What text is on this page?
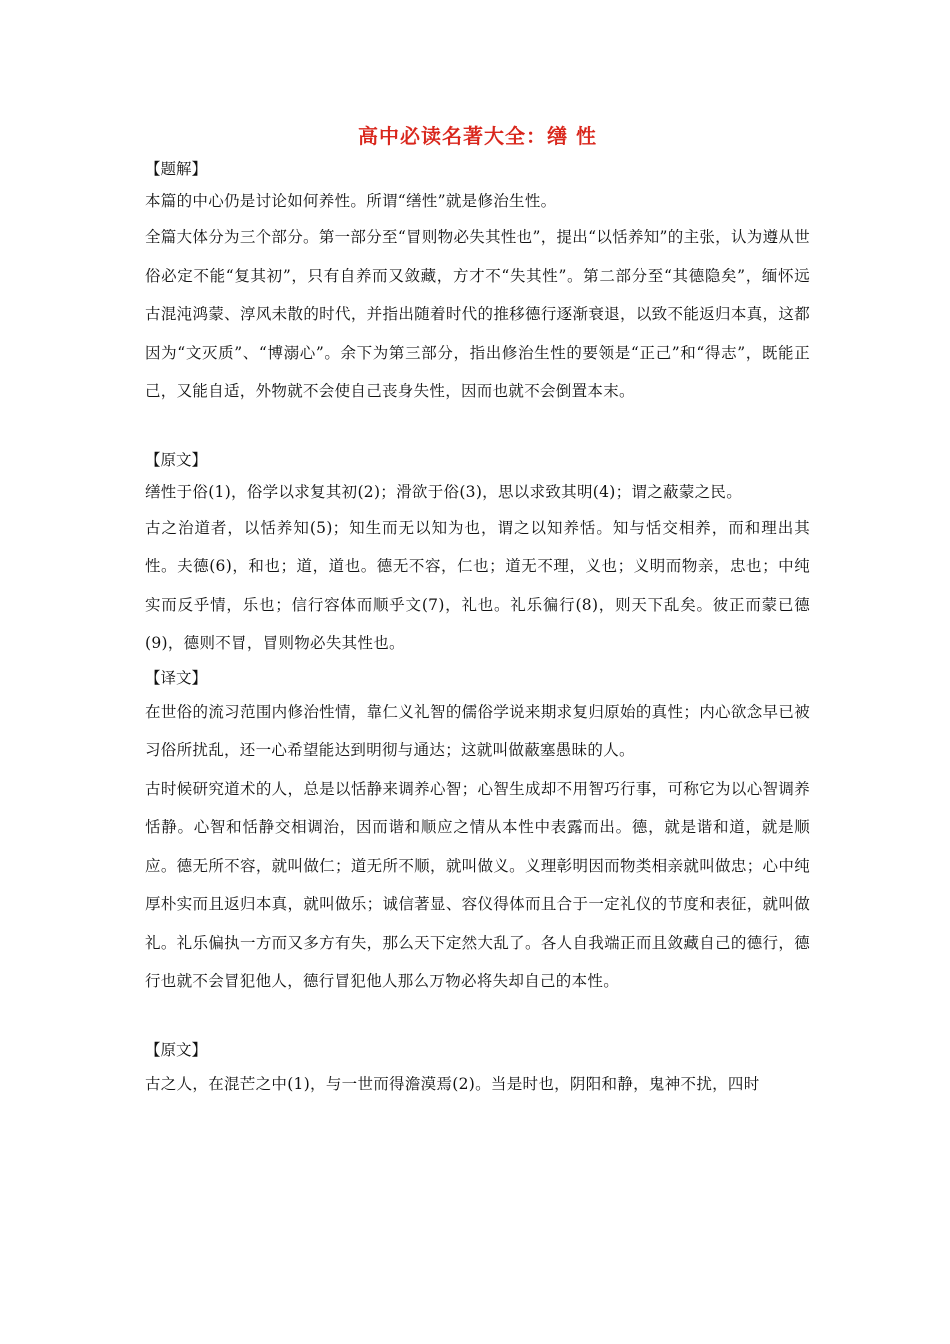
高中必读名著大全：缮 性

【题解】

本篇的中心仍是讨论如何养性。所谓“缮性”就是修治生性。

全篇大体分为三个部分。第一部分至“冒则物必失其性也”，提出“以恬养知”的主张，认为遵从世俗必定不能“复其初”，只有自养而又敛藏，方才不“失其性”。第二部分至“其德隐矣”，缅怀远古混沌鸿蒙、淳风未散的时代，并指出随着时代的推移德行逐渐衰退，以致不能返归本真，这都因为“文灭质”、“博溺心”。余下为第三部分，指出修治生性的要领是“正己”和“得志”，既能正己，又能自适，外物就不会使自己丧身失性，因而也就不会倒置本末。

【原文】

缮性于俗(1)，俗学以求复其初(2)；滑欲于俗(3)，思以求致其明(4)；谓之蔽蒙之民。

古之治道者，以恬养知(5)；知生而无以知为也，谓之以知养恬。知与恬交相养，而和理出其性。夫德(6)，和也；道，道也。德无不容，仁也；道无不理，义也；义明而物亲，忠也；中纯实而反乎情，乐也；信行容体而顺乎文(7)，礼也。礼乐徧行(8)，则天下乱矣。彼正而蒙已德(9)，德则不冒，冒则物必失其性也。

【译文】

在世俗的流习范围内修治性情，靠仁义礼智的儒俗学说来期求复归原始的真性；内心欲念早已被习俗所扰乱，还一心希望能达到明彻与通达；这就叫做蔽塞愚昧的人。

古时候研究道术的人，总是以恬静来调养心智；心智生成却不用智巧行事，可称它为以心智调养恬静。心智和恬静交相调治，因而谐和顺应之情从本性中表露而出。德，就是谐和道，就是顺应。德无所不容，就叫做仁；道无所不顺，就叫做义。义理彰明因而物类相亲就叫做忠；心中纯厚朴实而且返归本真，就叫做乐；诚信著显、容仪得体而且合于一定礼仪的节度和表征，就叫做礼。礼乐偏执一方而又多方有失，那么天下定然大乱了。各人自我端正而且敛藏自己的德行，德行也就不会冒犯他人，德行冒犯他人那么万物必将失却自己的本性。

【原文】

古之人，在混芒之中(1)，与一世而得澹漠焉(2)。当是时也，阴阳和静，鬼神不扰，四时
